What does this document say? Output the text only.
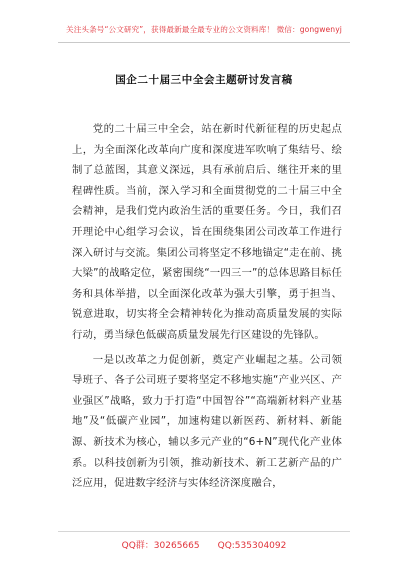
关注头条号“公文研究”，获得最新最全最专业的公文资料库！ 微信：gongwenyj
国企二十届三中全会主题研讨发言稿

党的二十届三中全会，站在新时代新征程的历史起点上，为全面深化改革向广度和深度进军吹响了集结号、绘制了总蓝图，其意义深远，具有承前启后、继往开来的里程碑性质。当前，深入学习和全面贯彻党的二十届三中全会精神，是我们党内政治生活的重要任务。今日，我们召开理论中心组学习会议，旨在围绕集团公司改革工作进行深入研讨与交流。集团公司将坚定不移地锚定“走在前、挑大梁”的战略定位，紧密围绕“一四三一”的总体思路目标任务和具体举措，以全面深化改革为强大引擎，勇于担当、锐意进取，切实将全会精神转化为推动高质量发展的实际行动，勇当绿色低碳高质量发展先行区建设的先锋队。

一是以改革之力促创新，奠定产业崛起之基。公司领导班子、各子公司班子要将坚定不移地实施“产业兴区、产业强区”战略，致力于打造“中国智谷”“高端新材料产业基地”及“低碳产业园”，加速构建以新医药、新材料、新能源、新技术为核心，辅以多元产业的“6+N”现代化产业体系。以科技创新为引领，推动新技术、新工艺新产品的广泛应用，促进数字经济与实体经济深度融合，

QQ群：30265665 QQ:535304092
